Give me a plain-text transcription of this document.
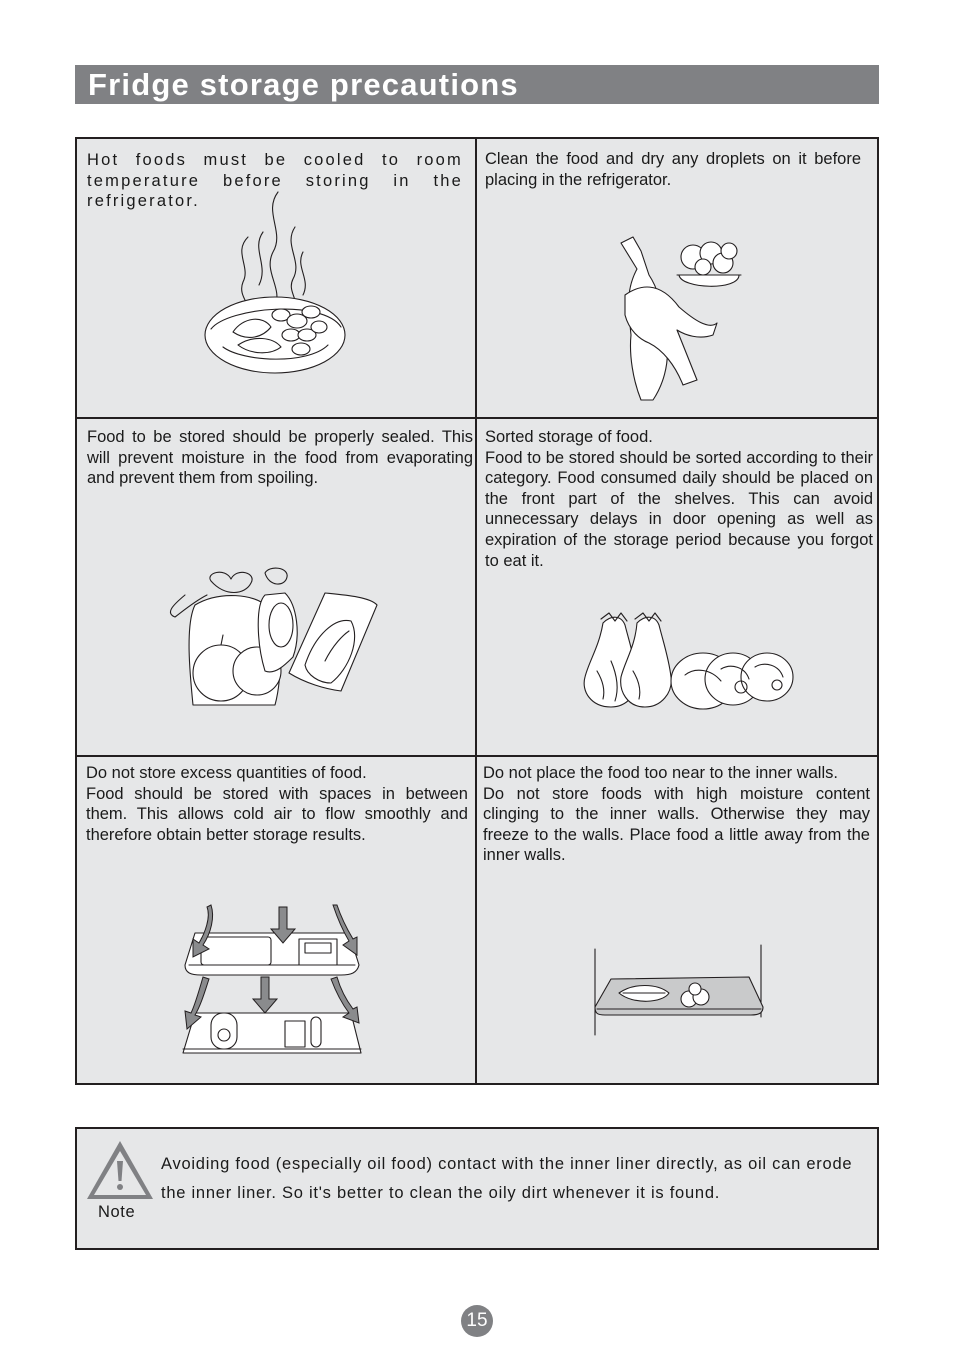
Fridge storage precautions

Hot foods must be cooled to room temperature before storing in the refrigerator.

Clean the food and dry any droplets on it before placing in the refrigerator.

Food to be stored should be properly sealed. This will prevent moisture in the food from evaporating and prevent them from spoiling.

Sorted storage of food.
Food to be stored should be sorted according to their category. Food consumed daily should be placed on the front part of the shelves. This can avoid unnecessary delays in door opening as well as expiration of the storage period because you forgot to eat it.

Do not store excess quantities of food.
Food should be stored with spaces in between them. This allows cold air to flow smoothly and therefore obtain better storage results.

Do not place the food too near to the inner walls.
Do not store foods with high moisture content clinging to the inner walls. Otherwise they may freeze to the walls. Place food a little away from the inner walls.

Note

Avoiding food (especially oil food) contact with the inner liner directly, as oil can erode the inner liner. So it's better to clean the oily dirt whenever it is found.

15
